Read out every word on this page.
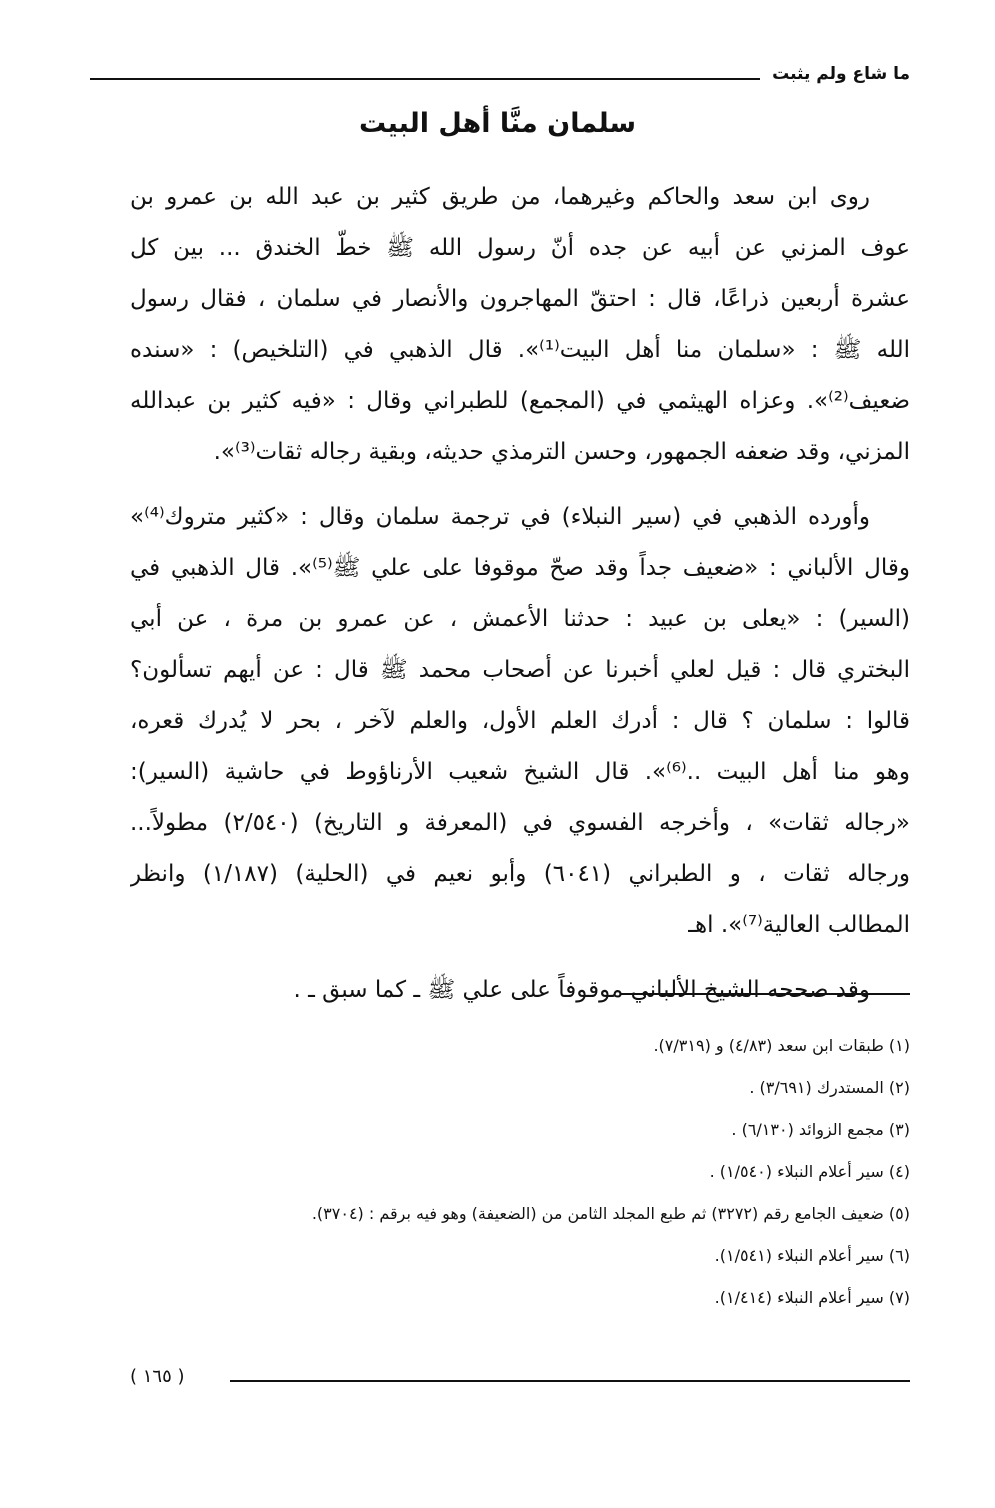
ما شاع ولم يثبت
سلمان منَّا أهل البيت
روى ابن سعد والحاكم وغيرهما، من طريق كثير بن عبد الله بن عمرو بن
عوف المزني عن أبيه عن جده أنّ رسول الله ﷺ خطّ الخندق ... بين كل
عشرة أربعين ذراعًا، قال : احتقّ المهاجرون والأنصار في سلمان ، فقال رسول
الله ﷺ : «سلمان منا أهل البيت⁽¹⁾». قال الذهبي في (التلخيص) : «سنده
ضعيف⁽²⁾». وعزاه الهيثمي في (المجمع) للطبراني وقال : «فيه كثير بن عبدالله
المزني، وقد ضعفه الجمهور، وحسن الترمذي حديثه، وبقية رجاله ثقات⁽³⁾».
وأورده الذهبي في (سير النبلاء) في ترجمة سلمان وقال : «كثير متروك⁽⁴⁾»
وقال الألباني : «ضعيف جداً وقد صحّ موقوفا على علي ﷺ⁽⁵⁾». قال الذهبي في
(السير) : «يعلى بن عبيد : حدثنا الأعمش ، عن عمرو بن مرة ، عن أبي
البختري قال : قيل لعلي أخبرنا عن أصحاب محمد ﷺ قال : عن أيهم تسألون؟
قالوا : سلمان ؟ قال : أدرك العلم الأول، والعلم لآخر ، بحر لا يُدرك قعره،
وهو منا أهل البيت ..⁽⁶⁾». قال الشيخ شعيب الأرناؤوط في حاشية (السير):
«رجاله ثقات» ، وأخرجه الفسوي في (المعرفة و التاريخ) (٢/٥٤٠) مطولاً...
ورجاله ثقات ، و الطبراني (٦٠٤١) وأبو نعيم في (الحلية) (١/١٨٧) وانظر
المطالب العالية⁽⁷⁾». اهـ
وقد صححه الشيخ الألباني موقوفاً على علي ﷺ ـ كما سبق ـ .
(١) طبقات ابن سعد (٤/٨٣) و (٧/٣١٩).
(٢) المستدرك (٣/٦٩١) .
(٣) مجمع الزوائد (٦/١٣٠) .
(٤) سير أعلام النبلاء (١/٥٤٠) .
(٥) ضعيف الجامع رقم (٣٢٧٢) ثم طبع المجلد الثامن من (الضعيفة) وهو فيه برقم : (٣٧٠٤).
(٦) سير أعلام النبلاء (١/٥٤١).
(٧) سير أعلام النبلاء (١/٤١٤).
( ١٦٥ )
